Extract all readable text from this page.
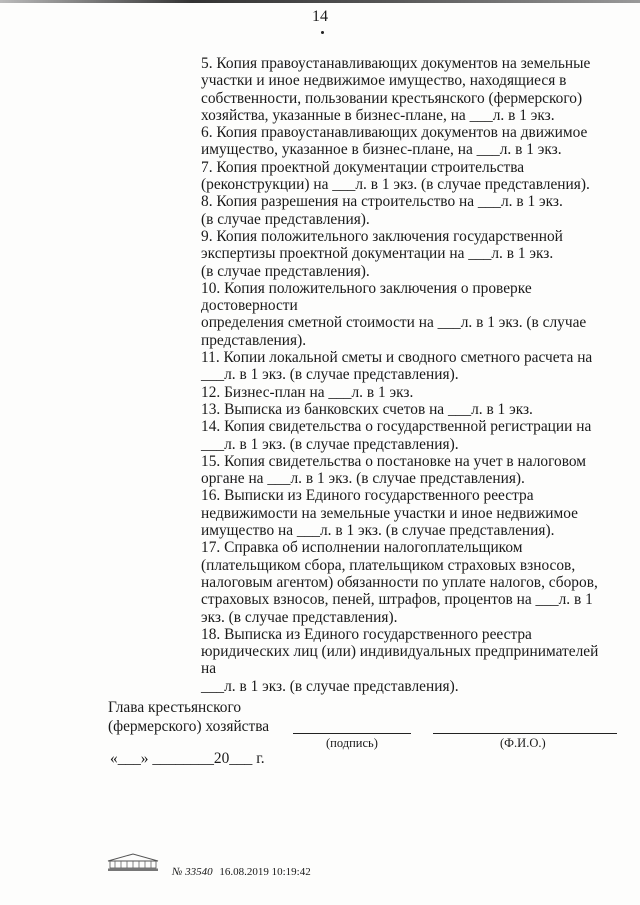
14

5. Копия правоустанавливающих документов на земельные
участки и иное недвижимое имущество, находящиеся в
собственности, пользовании крестьянского (фермерского)
хозяйства, указанные в бизнес-плане, на ___л. в 1 экз.

6. Копия правоустанавливающих документов на движимое
имущество, указанное в бизнес-плане, на ___л. в 1 экз.

7. Копия проектной документации строительства
(реконструкции) на ___л. в 1 экз. (в случае представления).

8. Копия разрешения на строительство на ___л. в 1 экз.
(в случае представления).

9. Копия положительного заключения государственной
экспертизы проектной документации на ___л. в 1 экз.
(в случае представления).

10. Копия положительного заключения о проверке достоверности
определения сметной стоимости на ___л. в 1 экз. (в случае
представления).

11. Копии локальной сметы и сводного сметного расчета на
___л. в 1 экз. (в случае представления).

12. Бизнес-план на ___л. в 1 экз.

13. Выписка из банковских счетов на ___л. в 1 экз.

14. Копия свидетельства о государственной регистрации на
___л. в 1 экз. (в случае представления).

15. Копия свидетельства о постановке на учет в налоговом
органе на ___л. в 1 экз. (в случае представления).

16. Выписки из Единого государственного реестра
недвижимости на земельные участки и иное недвижимое
имущество на ___л. в 1 экз. (в случае представления).

17. Справка об исполнении налогоплательщиком
(плательщиком сбора, плательщиком страховых взносов,
налоговым агентом) обязанности по уплате налогов, сборов,
страховых взносов, пеней, штрафов, процентов на ___л. в 1
экз. (в случае представления).

18. Выписка из Единого государственного реестра
юридических лиц (или) индивидуальных предпринимателей на
___л. в 1 экз. (в случае представления).

Глава крестьянского
(фермерского) хозяйства
(подпись)	(Ф.И.О.)
«___» ________20___ г.
№ 33540 16.08.2019 10:19:42
